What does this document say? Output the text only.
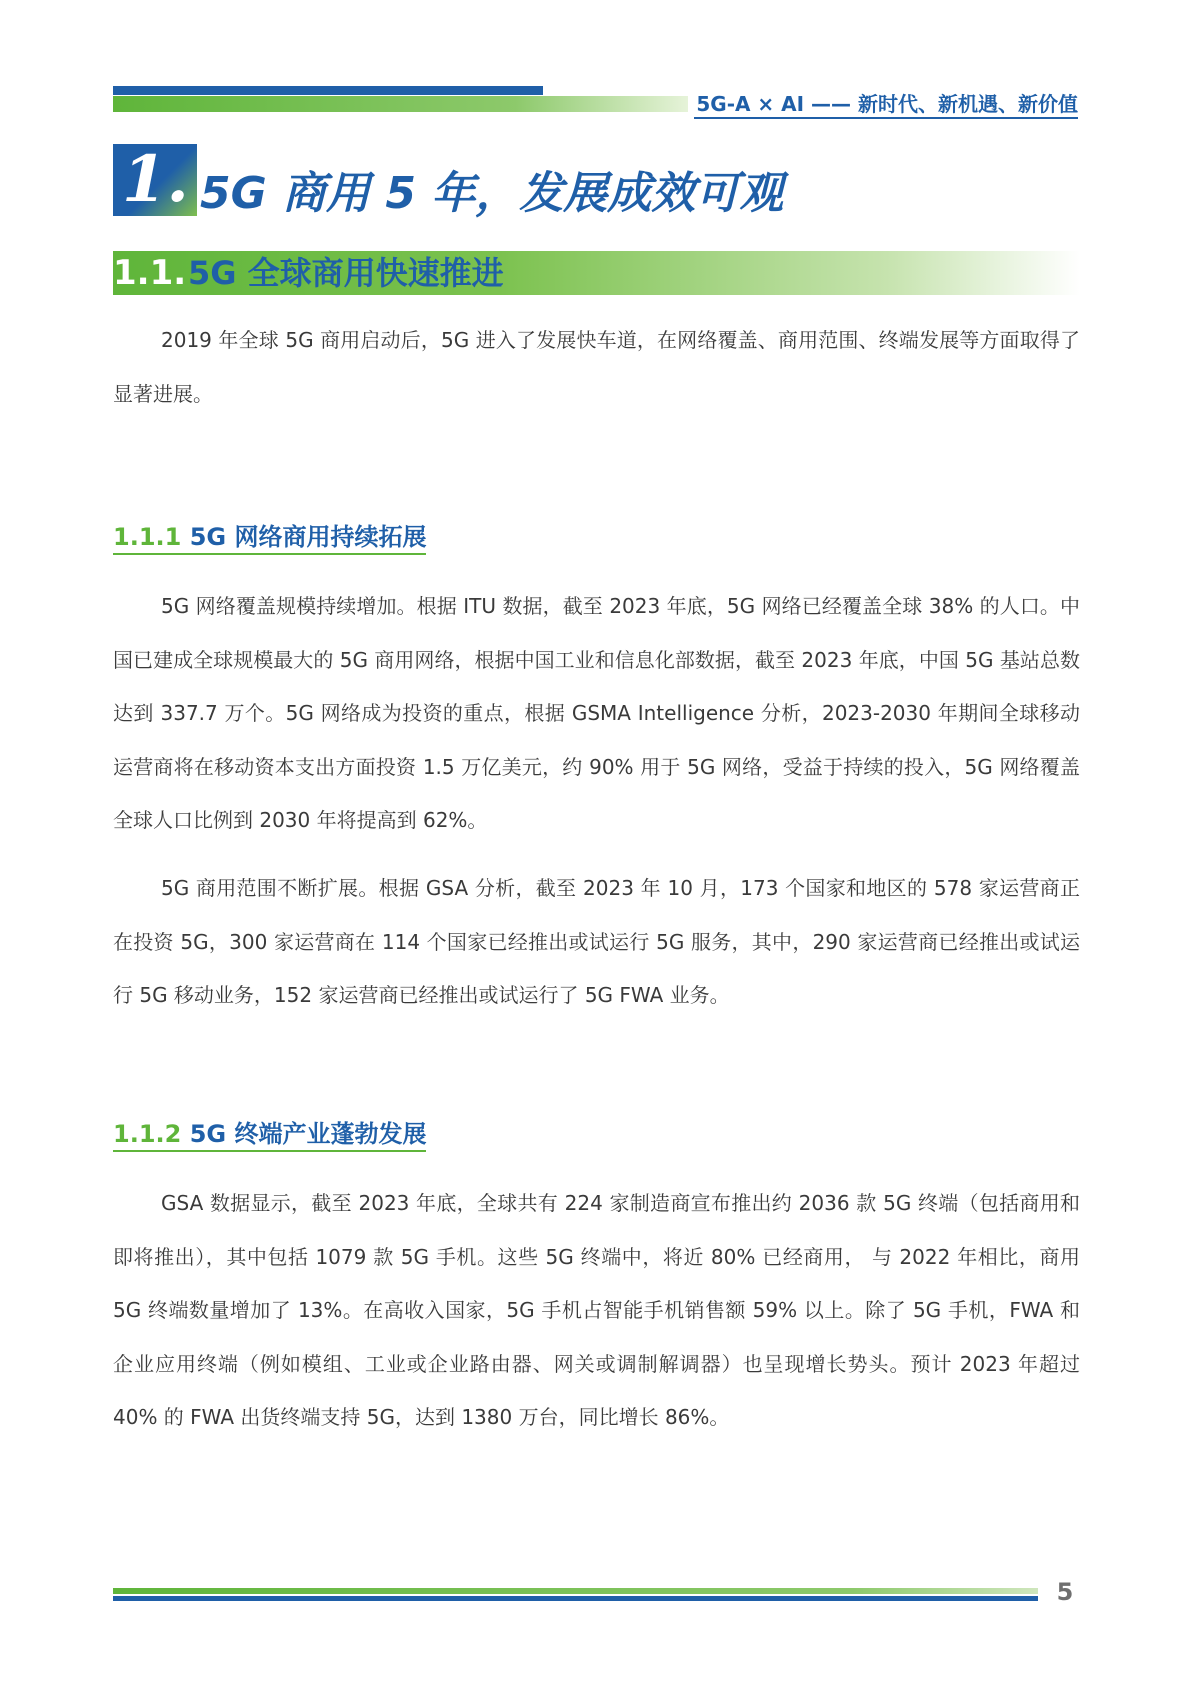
5G-A × AI —— 新时代、新机遇、新价值
1. 5G 商用 5 年，发展成效可观
1.1. 5G 全球商用快速推进

2019 年全球 5G 商用启动后，5G 进入了发展快车道，在网络覆盖、商用范围、终端发展等方面取得了显著进展。

1.1.1 5G 网络商用持续拓展

5G 网络覆盖规模持续增加。根据 ITU 数据，截至 2023 年底，5G 网络已经覆盖全球 38% 的人口。中国已建成全球规模最大的 5G 商用网络，根据中国工业和信息化部数据，截至 2023 年底，中国 5G 基站总数达到 337.7 万个。5G 网络成为投资的重点，根据 GSMA Intelligence 分析，2023-2030 年期间全球移动运营商将在移动资本支出方面投资 1.5 万亿美元，约 90% 用于 5G 网络，受益于持续的投入，5G 网络覆盖全球人口比例到 2030 年将提高到 62%。

5G 商用范围不断扩展。根据 GSA 分析，截至 2023 年 10 月，173 个国家和地区的 578 家运营商正在投资 5G，300 家运营商在 114 个国家已经推出或试运行 5G 服务，其中，290 家运营商已经推出或试运行 5G 移动业务，152 家运营商已经推出或试运行了 5G FWA 业务。

1.1.2 5G 终端产业蓬勃发展

GSA 数据显示，截至 2023 年底，全球共有 224 家制造商宣布推出约 2036 款 5G 终端（包括商用和即将推出），其中包括 1079 款 5G 手机。这些 5G 终端中，将近 80% 已经商用， 与 2022 年相比，商用 5G 终端数量增加了 13%。在高收入国家，5G 手机占智能手机销售额 59% 以上。除了 5G 手机，FWA 和企业应用终端（例如模组、工业或企业路由器、网关或调制解调器）也呈现增长势头。预计 2023 年超过 40% 的 FWA 出货终端支持 5G，达到 1380 万台，同比增长 86%。

5
